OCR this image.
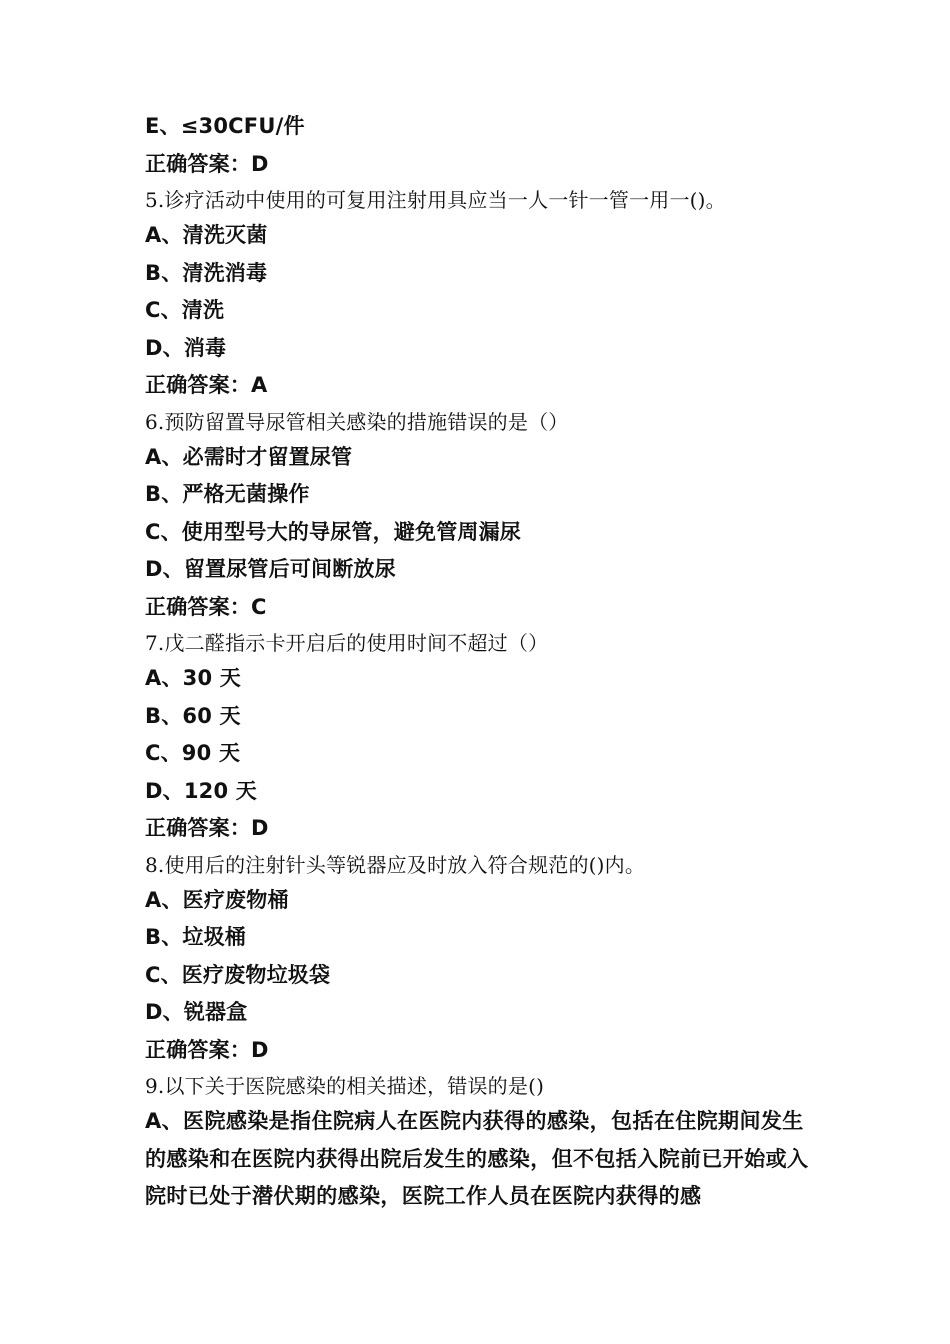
E、≤30CFU/件
正确答案：D
5.诊疗活动中使用的可复用注射用具应当一人一针一管一用一()。
A、清洗灭菌
B、清洗消毒
C、清洗
D、消毒
正确答案：A
6.预防留置导尿管相关感染的措施错误的是（）
A、必需时才留置尿管
B、严格无菌操作
C、使用型号大的导尿管，避免管周漏尿
D、留置尿管后可间断放尿
正确答案：C
7.戊二醛指示卡开启后的使用时间不超过（）
A、30 天
B、60 天
C、90 天
D、120 天
正确答案：D
8.使用后的注射针头等锐器应及时放入符合规范的()内。
A、医疗废物桶
B、垃圾桶
C、医疗废物垃圾袋
D、锐器盒
正确答案：D
9.以下关于医院感染的相关描述，错误的是()
A、医院感染是指住院病人在医院内获得的感染，包括在住院期间发生的感染和在医院内获得出院后发生的感染，但不包括入院前已开始或入院时已处于潜伏期的感染，医院工作人员在医院内获得的感
